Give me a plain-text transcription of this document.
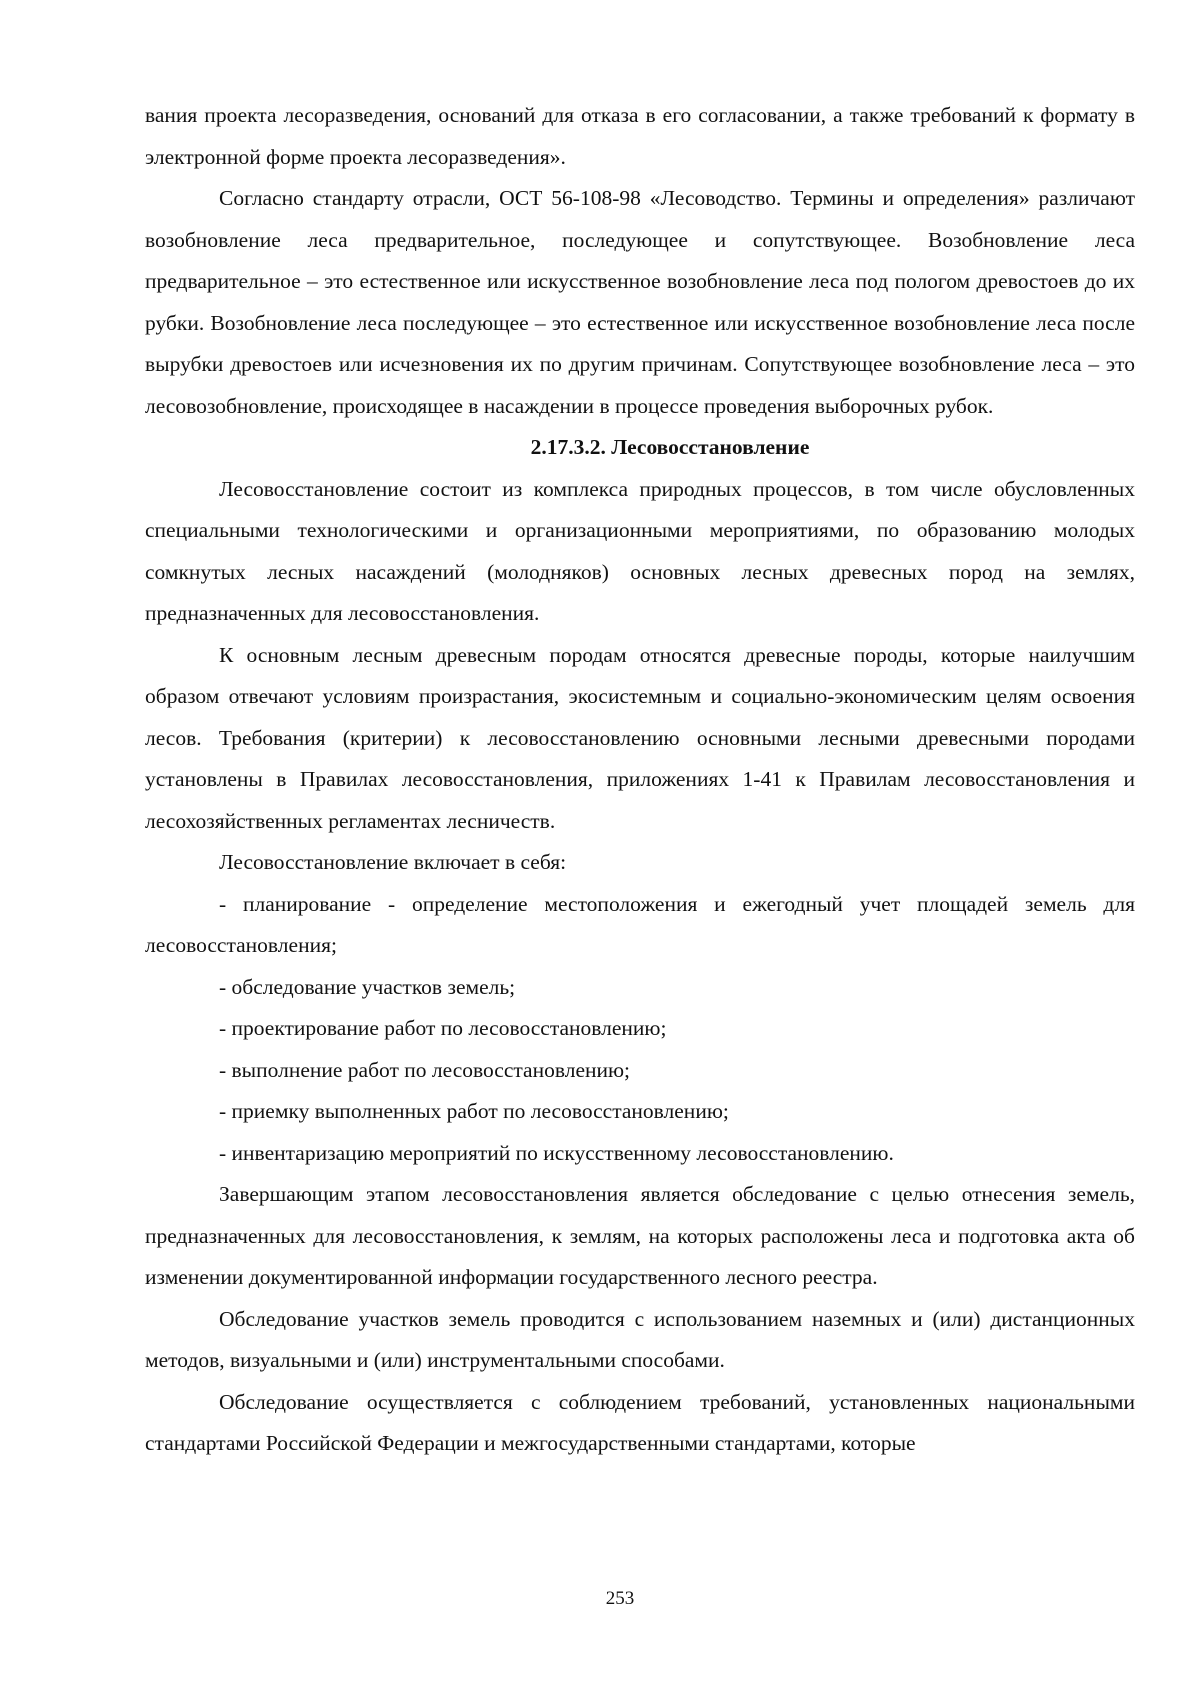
вания проекта лесоразведения, оснований для отказа в его согласовании, а также требований к формату в электронной форме проекта лесоразведения».

Согласно стандарту отрасли, ОСТ 56-108-98 «Лесоводство. Термины и определения» различают возобновление леса предварительное, последующее и сопутствующее. Возобновление леса предварительное – это естественное или искусственное возобновление леса под пологом древостоев до их рубки. Возобновление леса последующее – это естественное или искусственное возобновление леса после вырубки древостоев или исчезновения их по другим причинам. Сопутствующее возобновление леса – это лесовозобновление, происходящее в насаждении в процессе проведения выборочных рубок.

2.17.3.2. Лесовосстановление

Лесовосстановление состоит из комплекса природных процессов, в том числе обусловленных специальными технологическими и организационными мероприятиями, по образованию молодых сомкнутых лесных насаждений (молодняков) основных лесных древесных пород на землях, предназначенных для лесовосстановления.

К основным лесным древесным породам относятся древесные породы, которые наилучшим образом отвечают условиям произрастания, экосистемным и социально-экономическим целям освоения лесов. Требования (критерии) к лесовосстановлению основными лесными древесными породами установлены в Правилах лесовосстановления, приложениях 1-41 к Правилам лесовосстановления и лесохозяйственных регламентах лесничеств.

Лесовосстановление включает в себя:

- планирование - определение местоположения и ежегодный учет площадей земель для лесовосстановления;

- обследование участков земель;

- проектирование работ по лесовосстановлению;

- выполнение работ по лесовосстановлению;

- приемку выполненных работ по лесовосстановлению;

- инвентаризацию мероприятий по искусственному лесовосстановлению.

Завершающим этапом лесовосстановления является обследование с целью отнесения земель, предназначенных для лесовосстановления, к землям, на которых расположены леса и подготовка акта об изменении документированной информации государственного лесного реестра.

Обследование участков земель проводится с использованием наземных и (или) дистанционных методов, визуальными и (или) инструментальными способами.

Обследование осуществляется с соблюдением требований, установленных национальными стандартами Российской Федерации и межгосударственными стандартами, которые

253
